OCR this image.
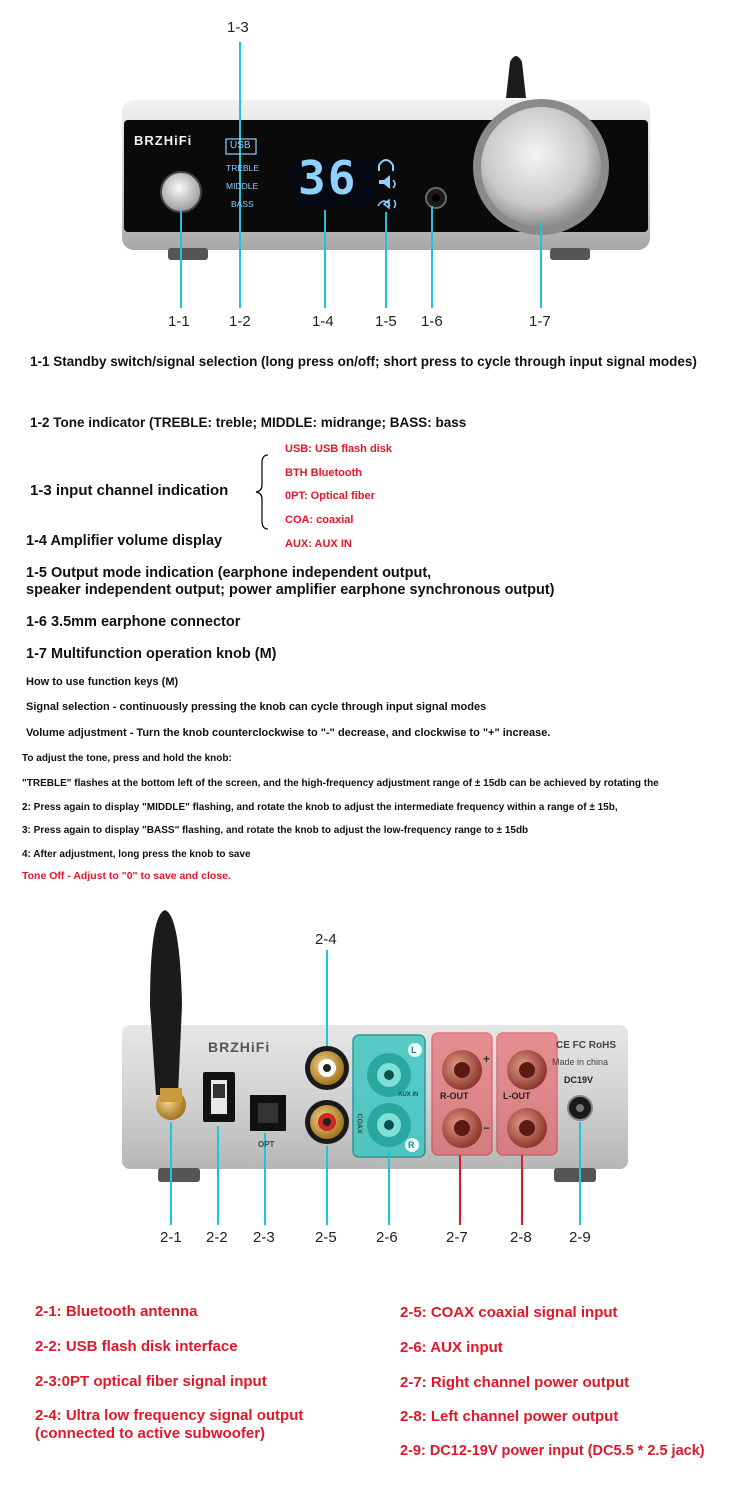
1-3
BRZHiFi	USB
TREBLE
MIDDLE
BASS 36
1-1	1-2	1-4	1-5 1-6	1-7
1-1 Standby switch/signal selection (long press on/off; short press to cycle through input signal modes)
1-2 Tone indicator (TREBLE: treble; MIDDLE: midrange; BASS: bass
1-3 input channel indication
USB: USB flash disk
BTH Bluetooth
0PT: Optical fiber
COA: coaxial
AUX: AUX IN
1-4 Amplifier volume display
1-5 Output mode indication (earphone independent output,
speaker independent output; power amplifier earphone synchronous output)
1-6 3.5mm earphone connector
1-7 Multifunction operation knob (M)
How to use function keys (M)
Signal selection - continuously pressing the knob can cycle through input signal modes
Volume adjustment - Turn the knob counterclockwise to "-" decrease, and clockwise to "+" increase.
To adjust the tone, press and hold the knob:
"TREBLE" flashes at the bottom left of the screen, and the high-frequency adjustment range of ± 15db can be achieved by rotating the
2: Press again to display "MIDDLE" flashing, and rotate the knob to adjust the intermediate frequency within a range of ± 15b,
3: Press again to display "BASS" flashing, and rotate the knob to adjust the low-frequency range to ± 15db
4: After adjustment, long press the knob to save
Tone Off - Adjust to "0" to save and close.
2-4
BRZHiFi
AUX IN
L
R
R-OUT	L-OUT
+
−
CE FC RoHS
Made in china
DC19V
OPT
COAX
2-1 2-2 2-3	2-5	2-6	2-7	2-8 2-9
2-1: Bluetooth antenna
2-2: USB flash disk interface
2-3:0PT optical fiber signal input
2-4: Ultra low frequency signal output
(connected to active subwoofer)
2-5: COAX coaxial signal input
2-6: AUX input
2-7: Right channel power output
2-8: Left channel power output
2-9: DC12-19V power input (DC5.5 * 2.5 jack)
